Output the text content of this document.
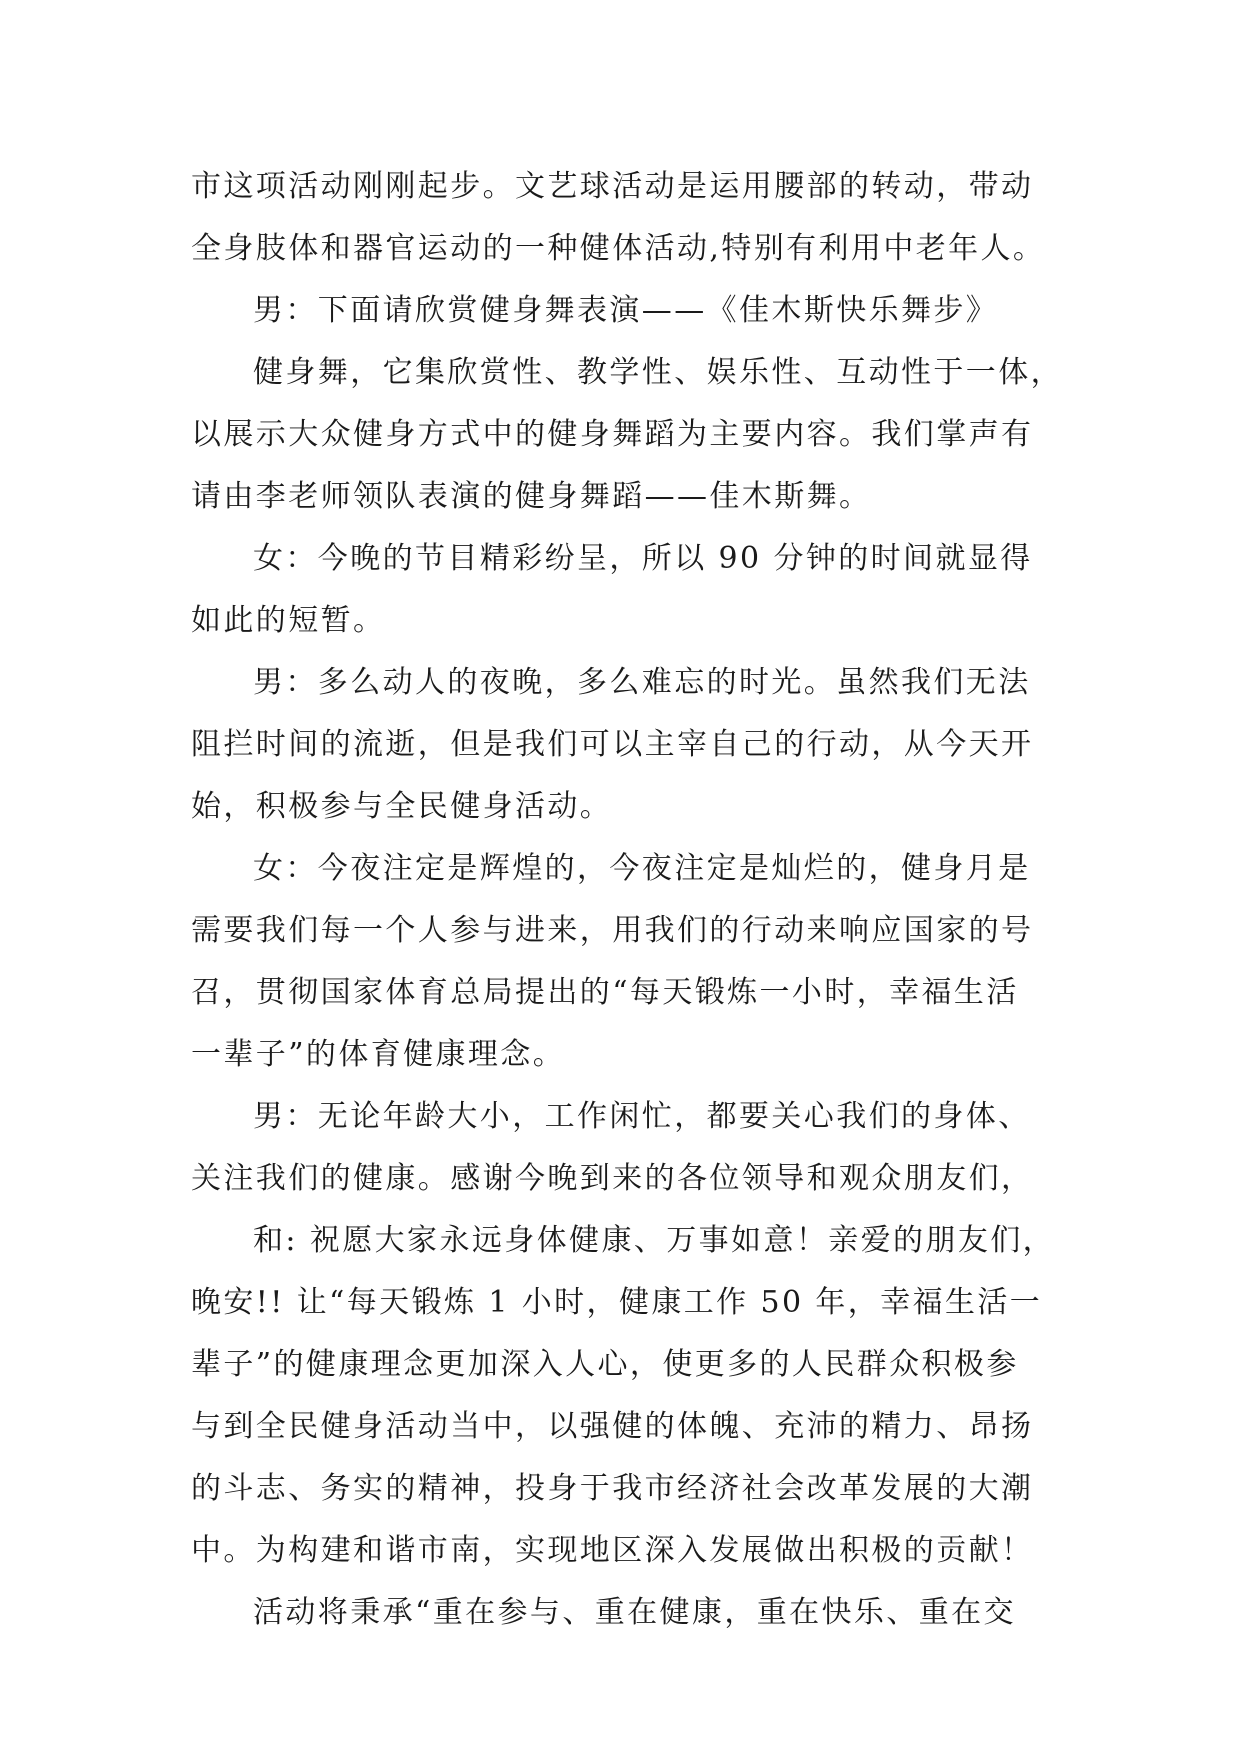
市这项活动刚刚起步。文艺球活动是运用腰部的转动，带动
全身肢体和器官运动的一种健体活动,特别有利用中老年人。
男：下面请欣赏健身舞表演——《佳木斯快乐舞步》
健身舞，它集欣赏性、教学性、娱乐性、互动性于一体，
以展示大众健身方式中的健身舞蹈为主要内容。我们掌声有
请由李老师领队表演的健身舞蹈——佳木斯舞。
女：今晚的节目精彩纷呈，所以 90 分钟的时间就显得
如此的短暂。
男：多么动人的夜晚，多么难忘的时光。虽然我们无法
阻拦时间的流逝，但是我们可以主宰自己的行动，从今天开
始，积极参与全民健身活动。
女：今夜注定是辉煌的，今夜注定是灿烂的，健身月是
需要我们每一个人参与进来，用我们的行动来响应国家的号
召，贯彻国家体育总局提出的“每天锻炼一小时，幸福生活
一辈子”的体育健康理念。
男：无论年龄大小，工作闲忙，都要关心我们的身体、
关注我们的健康。感谢今晚到来的各位领导和观众朋友们，
和: 祝愿大家永远身体健康、万事如意！亲爱的朋友们，
晚安!! 让“每天锻炼 1 小时，健康工作 50 年，幸福生活一
辈子”的健康理念更加深入人心，使更多的人民群众积极参
与到全民健身活动当中，以强健的体魄、充沛的精力、昂扬
的斗志、务实的精神，投身于我市经济社会改革发展的大潮
中。为构建和谐市南，实现地区深入发展做出积极的贡献！
活动将秉承“重在参与、重在健康，重在快乐、重在交
